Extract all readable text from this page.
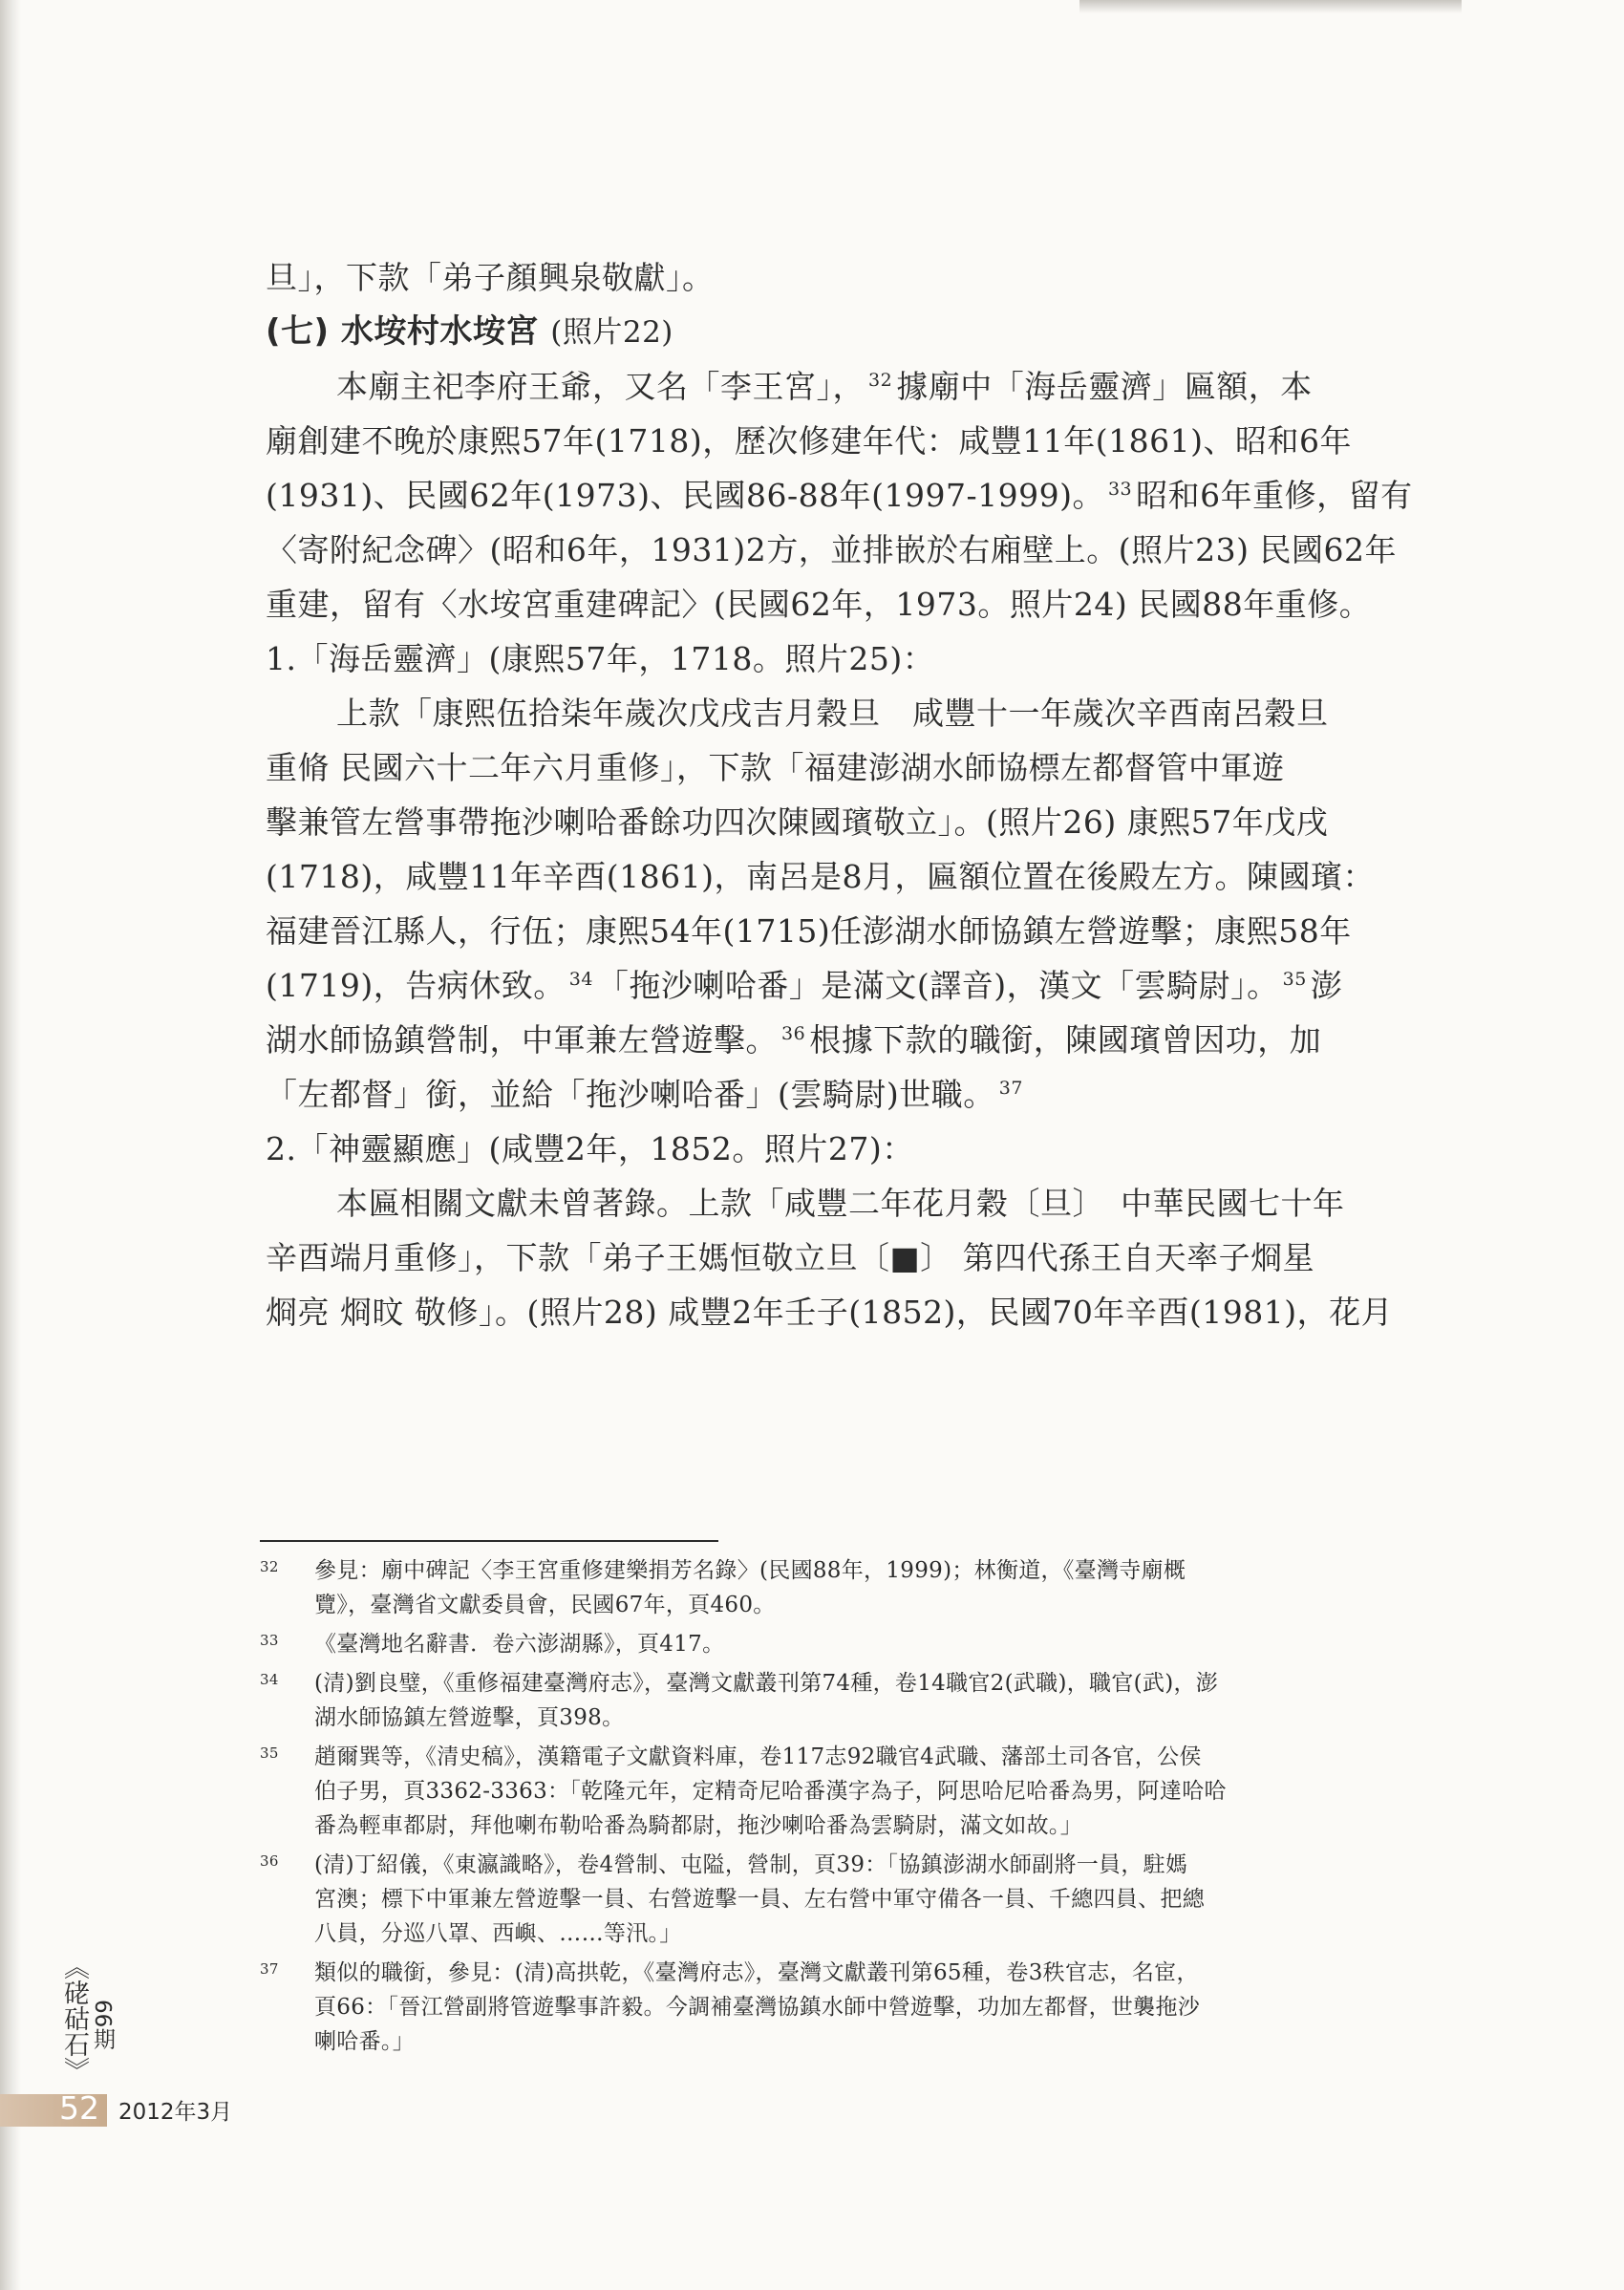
旦」，下款「弟子顏興泉敬獻」。
(七) 水垵村水垵宮 (照片22)
本廟主祀李府王爺，又名「李王宮」， $^{32}$ 據廟中「海岳靈濟」匾額，本
廟創建不晚於康熙57年(1718)，歷次修建年代：咸豐11年(1861)、昭和6年
(1931)、民國62年(1973)、民國86-88年(1997-1999)。 $^{33}$ 昭和6年重修，留有
〈寄附紀念碑〉(昭和6年，1931)2方，並排嵌於右廂壁上。(照片23) 民國62年
重建，留有〈水垵宮重建碑記〉(民國62年，1973。照片24) 民國88年重修。
1.「海岳靈濟」(康熙57年，1718。照片25)：
上款「康熙伍拾柒年歲次戊戌吉月穀旦　咸豐十一年歲次辛酉南呂穀旦
重脩 民國六十二年六月重修」，下款「福建澎湖水師協標左都督管中軍遊
擊兼管左營事帶拖沙喇哈番餘功四次陳國璸敬立」。(照片26) 康熙57年戊戌
(1718)，咸豐11年辛酉(1861)，南呂是8月，匾額位置在後殿左方。陳國璸：
福建晉江縣人，行伍；康熙54年(1715)任澎湖水師協鎮左營遊擊；康熙58年
(1719)，告病休致。 $^{34}$ 「拖沙喇哈番」是滿文(譯音)，漢文「雲騎尉」。 $^{35}$ 澎
湖水師協鎮營制，中軍兼左營遊擊。 $^{36}$ 根據下款的職銜，陳國璸曾因功，加
「左都督」銜，並給「拖沙喇哈番」(雲騎尉)世職。 $^{37}$
2.「神靈顯應」(咸豐2年，1852。照片27)：
本匾相關文獻未曾著錄。上款「咸豐二年花月穀〔旦〕　中華民國七十年
辛酉端月重修」，下款「弟子王媽恒敬立旦〔■〕 第四代孫王自天率子烱星
烱亮 烱旼 敬修」。(照片28) 咸豐2年壬子(1852)，民國70年辛酉(1981)，花月
32 參見：廟中碑記〈李王宮重修建樂捐芳名錄〉(民國88年，1999)；林衡道，《臺灣寺廟概
覽》，臺灣省文獻委員會，民國67年，頁460。
33 《臺灣地名辭書．卷六澎湖縣》，頁417。
34 (清)劉良璧，《重修福建臺灣府志》，臺灣文獻叢刊第74種，卷14職官2(武職)，職官(武)，澎
湖水師協鎮左營遊擊，頁398。
35 趙爾巽等，《清史稿》，漢籍電子文獻資料庫，卷117志92職官4武職、藩部土司各官，公侯
伯子男，頁3362-3363：「乾隆元年，定精奇尼哈番漢字為子，阿思哈尼哈番為男，阿達哈哈
番為輕車都尉，拜他喇布勒哈番為騎都尉，拖沙喇哈番為雲騎尉，滿文如故。」
36 (清)丁紹儀，《東瀛識略》，卷4營制、屯隘，營制，頁39：「協鎮澎湖水師副將一員，駐媽
宮澳；標下中軍兼左營遊擊一員、右營遊擊一員、左右營中軍守備各一員、千總四員、把總
八員，分巡八罩、西嶼、……等汛。」
37 類似的職銜，參見：(清)高拱乾，《臺灣府志》，臺灣文獻叢刊第65種，卷3秩官志，名宦，
頁66：「晉江營副將管遊擊事許毅。今調補臺灣協鎮水師中營遊擊，功加左都督，世襲拖沙
喇哈番。」
《硓𥑮石》 66期
52 2012年3月
